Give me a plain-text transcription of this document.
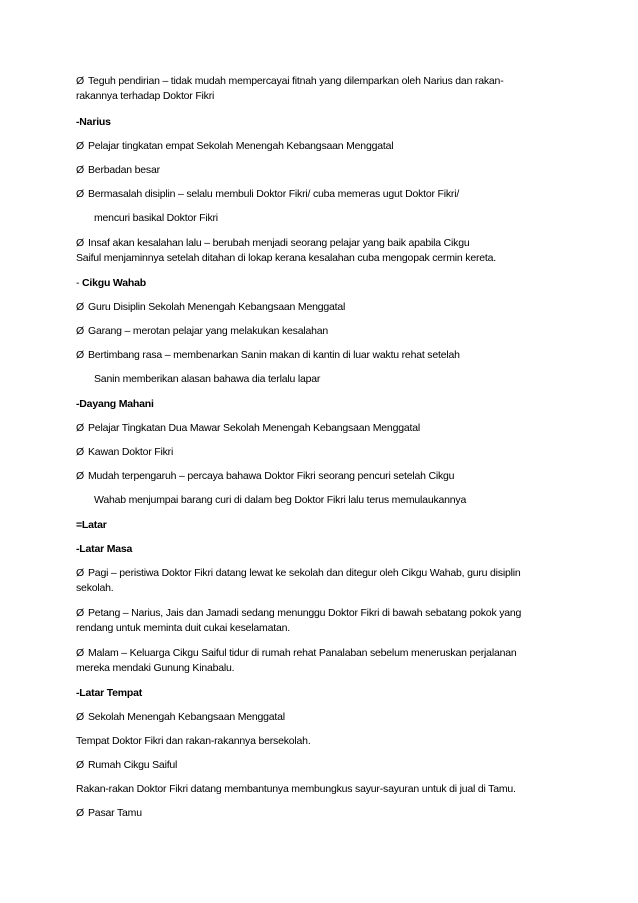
Ø Teguh pendirian – tidak mudah mempercayai fitnah yang dilemparkan oleh Narius dan rakan-
rakannya terhadap Doktor Fikri

-Narius

Ø Pelajar tingkatan empat Sekolah Menengah Kebangsaan Menggatal

Ø Berbadan besar

Ø Bermasalah disiplin – selalu membuli Doktor Fikri/ cuba memeras ugut Doktor Fikri/

mencuri basikal Doktor Fikri

Ø Insaf akan kesalahan lalu – berubah menjadi seorang pelajar yang baik apabila Cikgu
Saiful menjaminnya setelah ditahan di lokap kerana kesalahan cuba mengopak cermin kereta.

- Cikgu Wahab

Ø Guru Disiplin Sekolah Menengah Kebangsaan Menggatal

Ø Garang – merotan pelajar yang melakukan kesalahan

Ø Bertimbang rasa – membenarkan Sanin makan di kantin di luar waktu rehat setelah

Sanin memberikan alasan bahawa dia terlalu lapar

-Dayang Mahani

Ø Pelajar Tingkatan Dua Mawar Sekolah Menengah Kebangsaan Menggatal

Ø Kawan Doktor Fikri

Ø Mudah terpengaruh – percaya bahawa Doktor Fikri seorang pencuri setelah Cikgu

Wahab menjumpai barang curi di dalam beg Doktor Fikri lalu terus memulaukannya

=Latar

-Latar Masa

Ø Pagi – peristiwa Doktor Fikri datang lewat ke sekolah dan ditegur oleh Cikgu Wahab, guru disiplin
sekolah.

Ø Petang – Narius, Jais dan Jamadi sedang menunggu Doktor Fikri di bawah sebatang pokok yang
rendang untuk meminta duit cukai keselamatan.

Ø Malam – Keluarga Cikgu Saiful tidur di rumah rehat Panalaban sebelum meneruskan perjalanan
mereka mendaki Gunung Kinabalu.

-Latar Tempat

Ø Sekolah Menengah Kebangsaan Menggatal

Tempat Doktor Fikri dan rakan-rakannya bersekolah.

Ø Rumah Cikgu Saiful

Rakan-rakan Doktor Fikri datang membantunya membungkus sayur-sayuran untuk di jual di Tamu.

Ø Pasar Tamu
